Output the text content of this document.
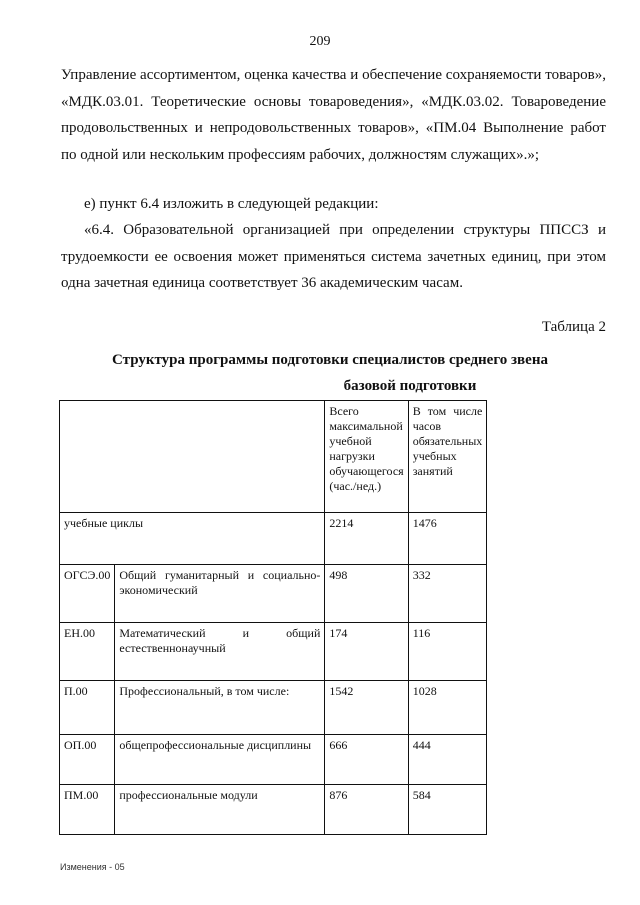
209

Управление ассортиментом, оценка качества и обеспечение сохраняемости товаров», «МДК.03.01. Теоретические основы товароведения», «МДК.03.02. Товароведение продовольственных и непродовольственных товаров», «ПМ.04 Выполнение работ по одной или нескольким профессиям рабочих, должностям служащих».»;

е) пункт 6.4 изложить в следующей редакции:

«6.4. Образовательной организацией при определении структуры ППССЗ и трудоемкости ее освоения может применяться система зачетных единиц, при этом одна зачетная единица соответствует 36 академическим часам.

Таблица 2
Структура программы подготовки специалистов среднего звена
базовой подготовки
		Всего максимальной учебной нагрузки обучающегося (час./нед.)	В том числе часов обязательных учебных занятий
учебные циклы		2214	1476
ОГСЭ.00	Общий гуманитарный и социально-экономический	498	332
ЕН.00	Математический и общий естественнонаучный	174	116
П.00	Профессиональный, в том числе:	1542	1028
ОП.00	общепрофессиональные дисциплины	666	444
ПМ.00	профессиональные модули	876	584
Изменения - 05
